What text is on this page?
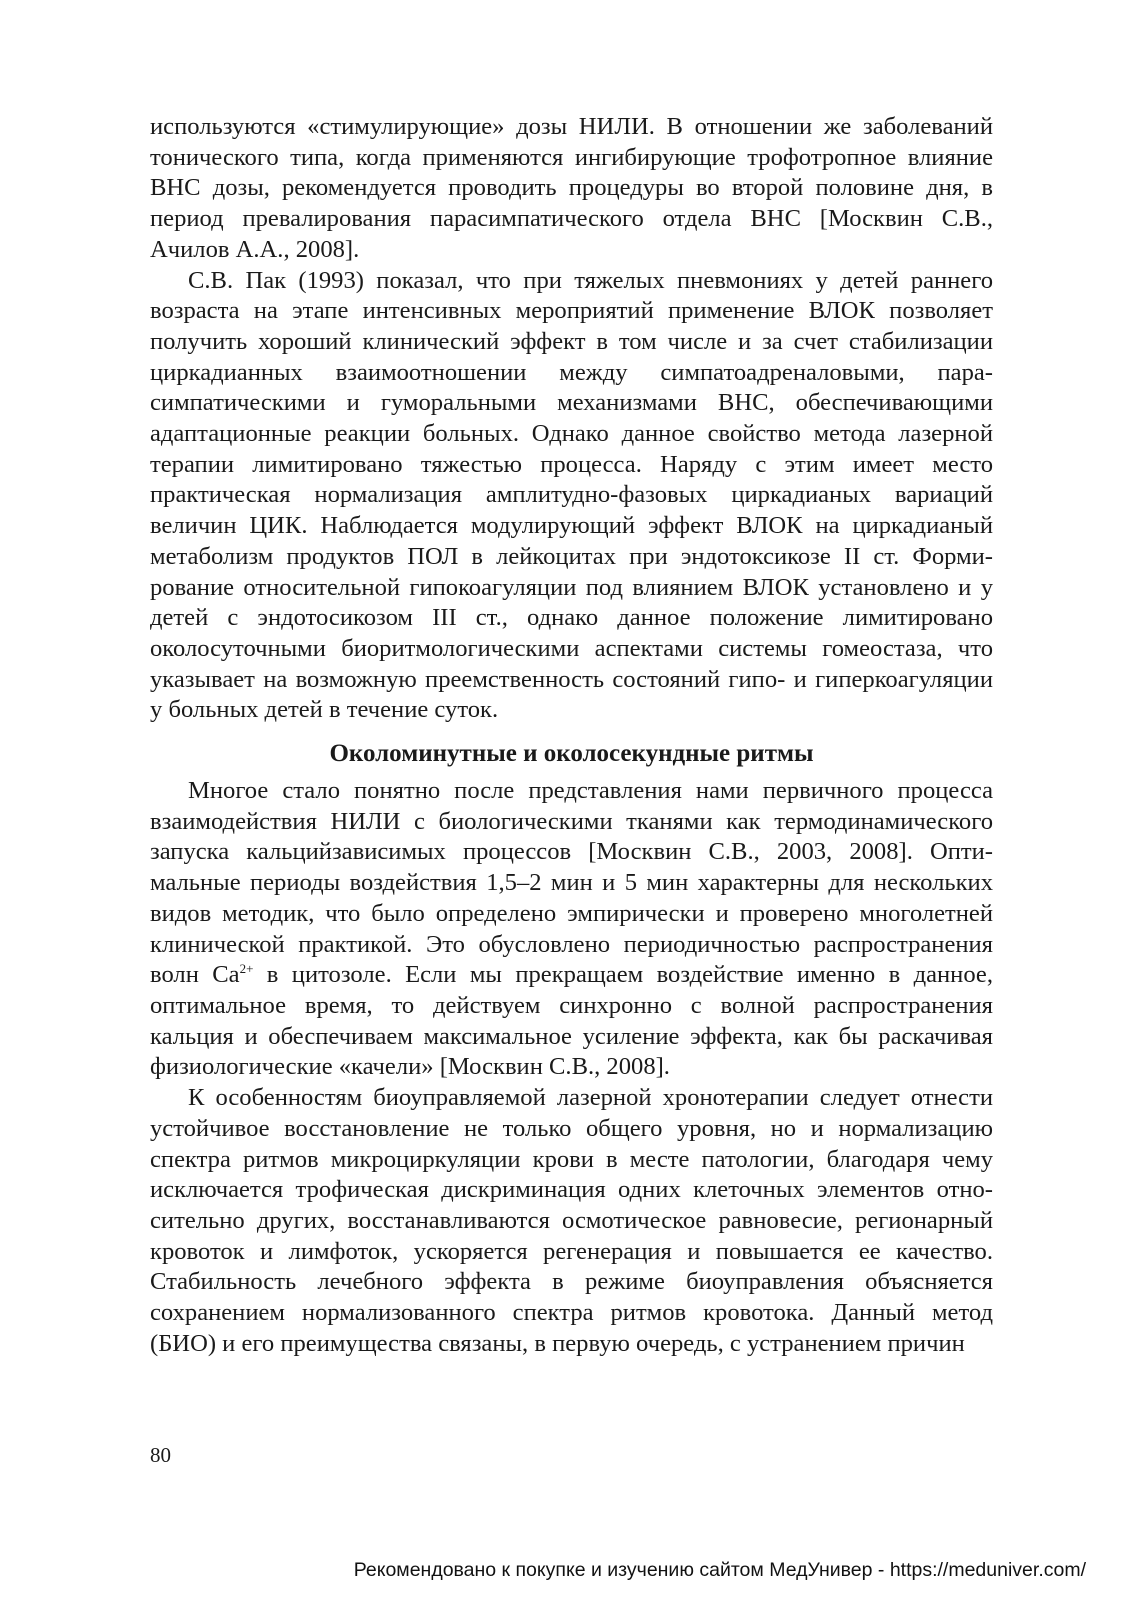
используются «стимулирующие» дозы НИЛИ. В отношении же заболеваний тонического типа, когда применяются ингибирующие трофотропное влияние ВНС дозы, рекомендуется проводить процедуры во второй половине дня, в период превалирования парасимпатического отдела ВНС [Москвин С.В., Ачилов А.А., 2008].

С.В. Пак (1993) показал, что при тяжелых пневмониях у детей раннего возраста на этапе интенсивных мероприятий применение ВЛОК позволяет получить хороший клинический эффект в том числе и за счет стабилизации циркадианных взаимоотношении между симпатоадреналовыми, парасимпатическими и гуморальными механизмами ВНС, обеспечивающими адаптационные реакции больных. Однако данное свойство метода лазерной терапии лимитировано тяжестью процесса. Наряду с этим имеет место практическая нормализация амплитудно-фазовых циркадианых вариаций величин ЦИК. Наблюдается модулирующий эффект ВЛОК на циркадианый метаболизм продуктов ПОЛ в лейкоцитах при эндотоксикозе II ст. Формирование относительной гипокоагуляции под влиянием ВЛОК установлено и у детей с эндотосикозом III ст., однако данное положение лимитировано околосуточными биоритмологическими аспектами системы гомеостаза, что указывает на возможную преемственность состояний гипо- и гиперкоагуляции у больных детей в течение суток.

Околоминутные и околосекундные ритмы

Многое стало понятно после представления нами первичного процесса взаимодействия НИЛИ с биологическими тканями как термодинамического запуска кальцийзависимых процессов [Москвин С.В., 2003, 2008]. Оптимальные периоды воздействия 1,5–2 мин и 5 мин характерны для нескольких видов методик, что было определено эмпирически и проверено многолетней клинической практикой. Это обусловлено периодичностью распространения волн $Са^{2+}$ в цитозоле. Если мы прекращаем воздействие именно в данное, оптимальное время, то действуем синхронно с волной распространения кальция и обеспечиваем максимальное усиление эффекта, как бы раскачивая физиологические «качели» [Москвин С.В., 2008].

К особенностям биоуправляемой лазерной хронотерапии следует отнести устойчивое восстановление не только общего уровня, но и нормализацию спектра ритмов микроциркуляции крови в месте патологии, благодаря чему исключается трофическая дискриминация одних клеточных элементов относительно других, восстанавливаются осмотическое равновесие, регионарный кровоток и лимфоток, ускоряется регенерация и повышается ее качество. Стабильность лечебного эффекта в режиме биоуправления объясняется сохранением нормализованного спектра ритмов кровотока. Данный метод (БИО) и его преимущества связаны, в первую очередь, с устранением причин

80
Рекомендовано к покупке и изучению сайтом МедУнивер - https://meduniver.com/
